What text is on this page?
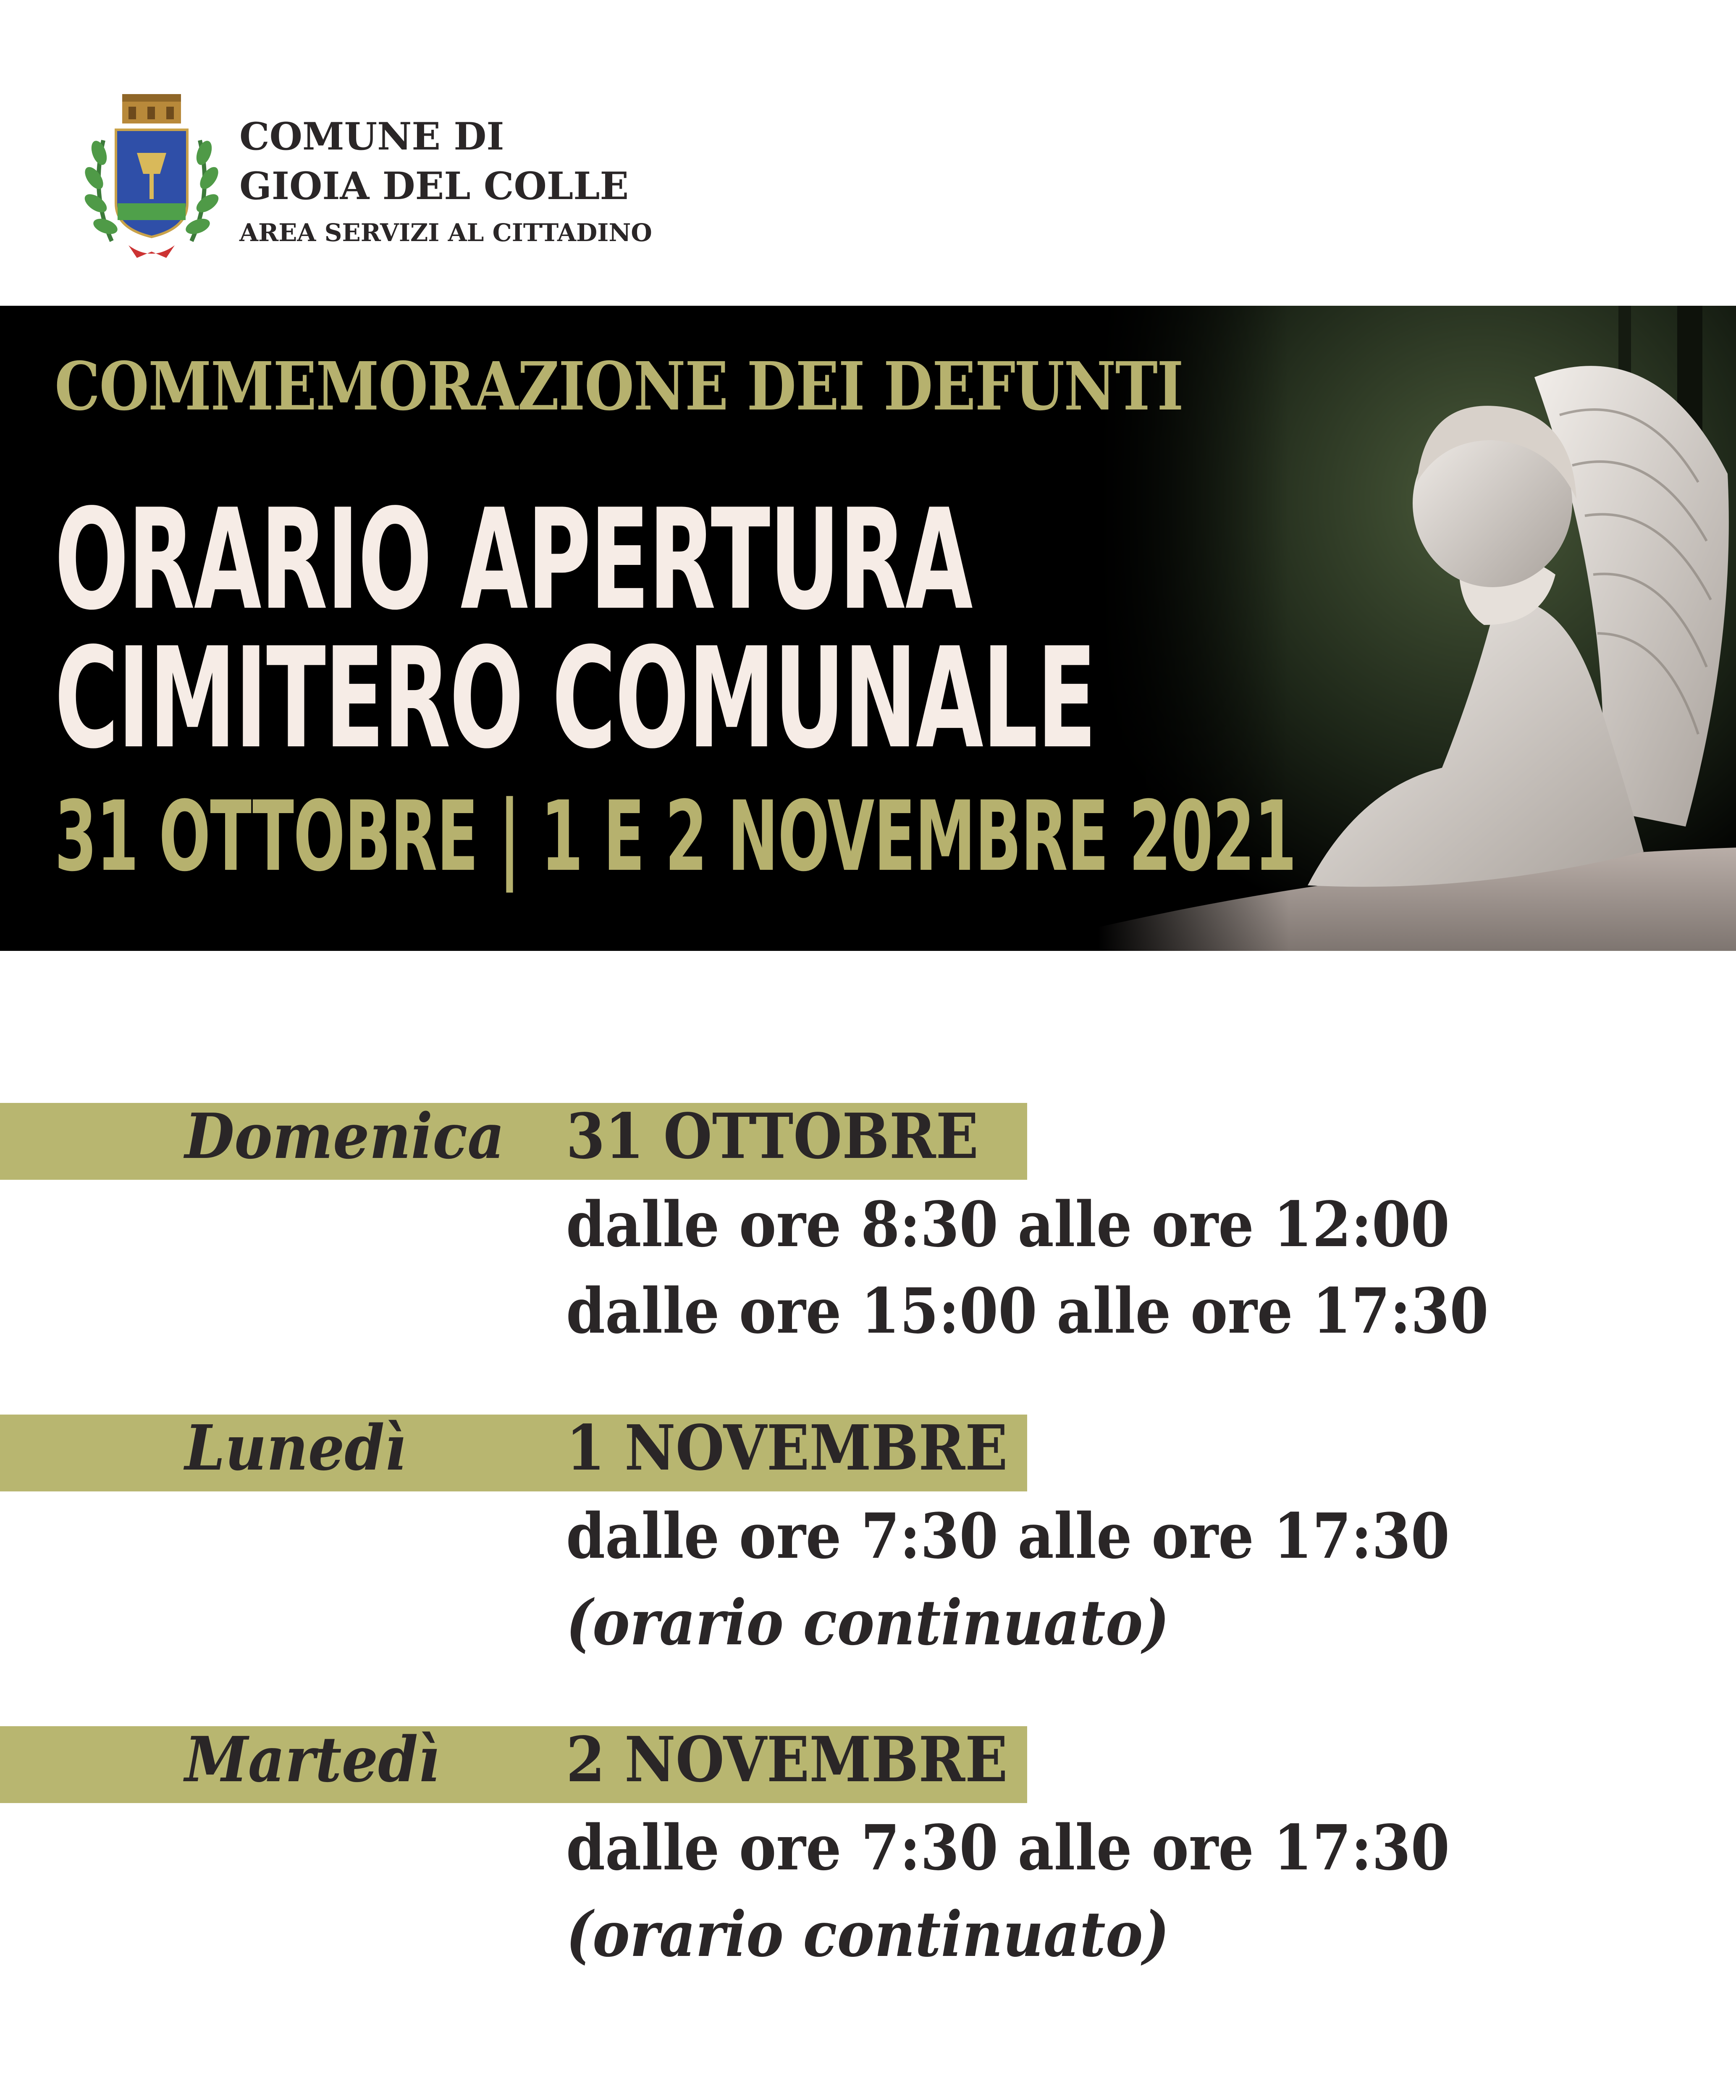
COMUNE DI
GIOIA DEL COLLE
AREA SERVIZI AL CITTADINO
COMMEMORAZIONE DEI DEFUNTI
ORARIO APERTURA
CIMITERO COMUNALE
31 OTTOBRE | 1 E 2 NOVEMBRE 2021
Domenica 31 OTTOBRE
dalle ore 8:30 alle ore 12:00
dalle ore 15:00 alle ore 17:30
Lunedì	1 NOVEMBRE
dalle ore 7:30 alle ore 17:30
(orario continuato)
Martedì 2 NOVEMBRE
dalle ore 7:30 alle ore 17:30
(orario continuato)
